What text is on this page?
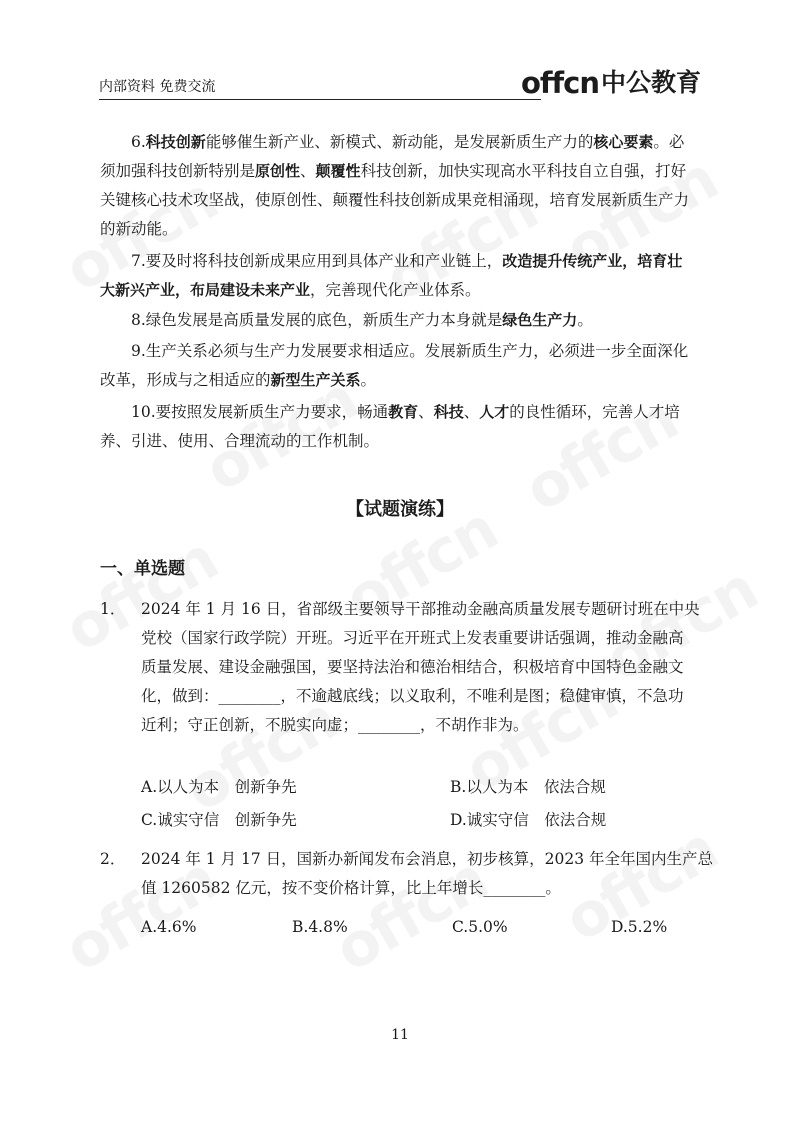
内部资料 免费交流	offcn 中公教育
6.科技创新能够催生新产业、新模式、新动能，是发展新质生产力的核心要素。必
须加强科技创新特别是原创性、颠覆性科技创新，加快实现高水平科技自立自强，打好
关键核心技术攻坚战，使原创性、颠覆性科技创新成果竞相涌现，培育发展新质生产力
的新动能。
7.要及时将科技创新成果应用到具体产业和产业链上，改造提升传统产业，培育壮
大新兴产业，布局建设未来产业，完善现代化产业体系。
8.绿色发展是高质量发展的底色，新质生产力本身就是绿色生产力。
9.生产关系必须与生产力发展要求相适应。发展新质生产力，必须进一步全面深化
改革，形成与之相适应的新型生产关系。
10.要按照发展新质生产力要求，畅通教育、科技、人才的良性循环，完善人才培
养、引进、使用、合理流动的工作机制。
【试题演练】
一、单选题
1． 2024 年 1 月 16 日，省部级主要领导干部推动金融高质量发展专题研讨班在中央
党校（国家行政学院）开班。习近平在开班式上发表重要讲话强调，推动金融高
质量发展、建设金融强国，要坚持法治和德治相结合，积极培育中国特色金融文
化，做到：________，不逾越底线；以义取利，不唯利是图；稳健审慎，不急功
近利；守正创新，不脱实向虚；________，不胡作非为。
A.以人为本　创新争先	B.以人为本　依法合规
C.诚实守信　创新争先	D.诚实守信　依法合规
2． 2024 年 1 月 17 日，国新办新闻发布会消息，初步核算，2023 年全年国内生产总
值 1260582 亿元，按不变价格计算，比上年增长________。
A.4.6%	B.4.8%	C.5.0%	D.5.2%
11
